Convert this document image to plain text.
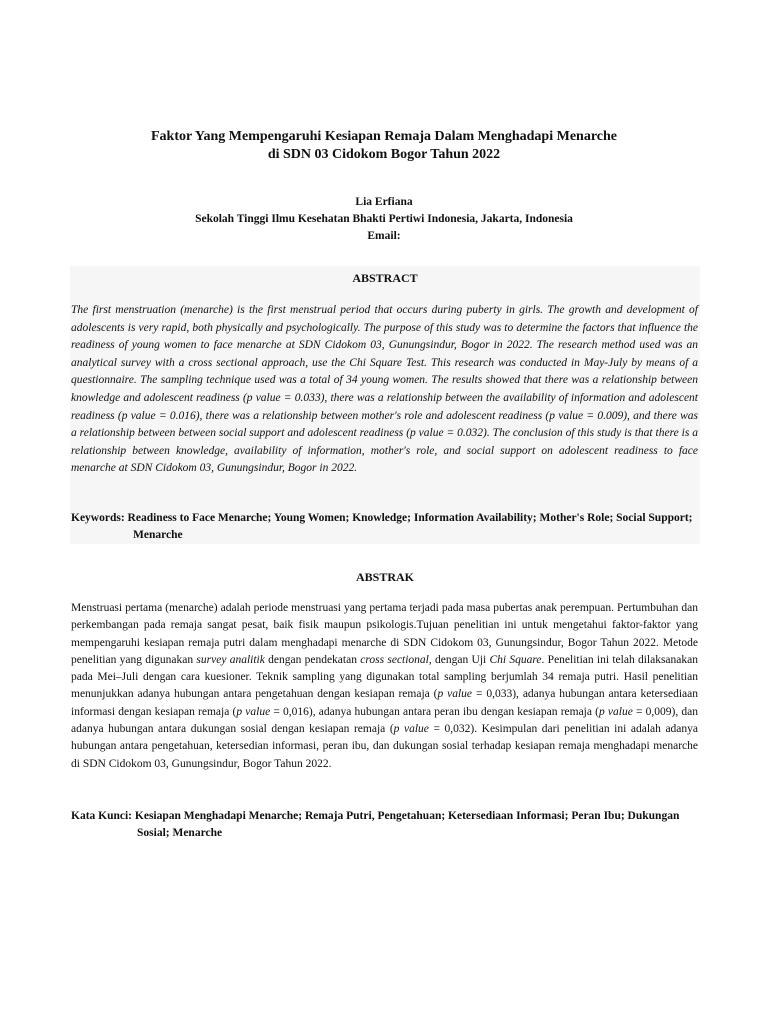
Faktor Yang Mempengaruhi Kesiapan Remaja Dalam Menghadapi Menarche
di SDN 03 Cidokom Bogor Tahun 2022
Lia Erfiana
Sekolah Tinggi Ilmu Kesehatan Bhakti Pertiwi Indonesia, Jakarta, Indonesia
Email:
ABSTRACT
The first menstruation (menarche) is the first menstrual period that occurs during puberty in girls. The growth and development of adolescents is very rapid, both physically and psychologically. The purpose of this study was to determine the factors that influence the readiness of young women to face menarche at SDN Cidokom 03, Gunungsindur, Bogor in 2022. The research method used was an analytical survey with a cross sectional approach, use the Chi Square Test. This research was conducted in May-July by means of a questionnaire. The sampling technique used was a total of 34 young women. The results showed that there was a relationship between knowledge and adolescent readiness (p value = 0.033), there was a relationship between the availability of information and adolescent readiness (p value = 0.016), there was a relationship between mother's role and adolescent readiness (p value = 0.009), and there was a relationship between between social support and adolescent readiness (p value = 0.032). The conclusion of this study is that there is a relationship between knowledge, availability of information, mother's role, and social support on adolescent readiness to face menarche at SDN Cidokom 03, Gunungsindur, Bogor in 2022.
Keywords: Readiness to Face Menarche; Young Women; Knowledge; Information Availability; Mother's Role; Social Support; Menarche
ABSTRAK
Menstruasi pertama (menarche) adalah periode menstruasi yang pertama terjadi pada masa pubertas anak perempuan. Pertumbuhan dan perkembangan pada remaja sangat pesat, baik fisik maupun psikologis.Tujuan penelitian ini untuk mengetahui faktor-faktor yang mempengaruhi kesiapan remaja putri dalam menghadapi menarche di SDN Cidokom 03, Gunungsindur, Bogor Tahun 2022. Metode penelitian yang digunakan survey analitik dengan pendekatan cross sectional, dengan Uji Chi Square. Penelitian ini telah dilaksanakan pada Mei–Juli dengan cara kuesioner. Teknik sampling yang digunakan total sampling berjumlah 34 remaja putri. Hasil penelitian menunjukkan adanya hubungan antara pengetahuan dengan kesiapan remaja (p value = 0,033), adanya hubungan antara ketersediaan informasi dengan kesiapan remaja (p value = 0,016), adanya hubungan antara peran ibu dengan kesiapan remaja (p value = 0,009), dan adanya hubungan antara dukungan sosial dengan kesiapan remaja (p value = 0,032). Kesimpulan dari penelitian ini adalah adanya hubungan antara pengetahuan, ketersedian informasi, peran ibu, dan dukungan sosial terhadap kesiapan remaja menghadapi menarche di SDN Cidokom 03, Gunungsindur, Bogor Tahun 2022.
Kata Kunci: Kesiapan Menghadapi Menarche; Remaja Putri, Pengetahuan; Ketersediaan Informasi; Peran Ibu; Dukungan Sosial; Menarche
